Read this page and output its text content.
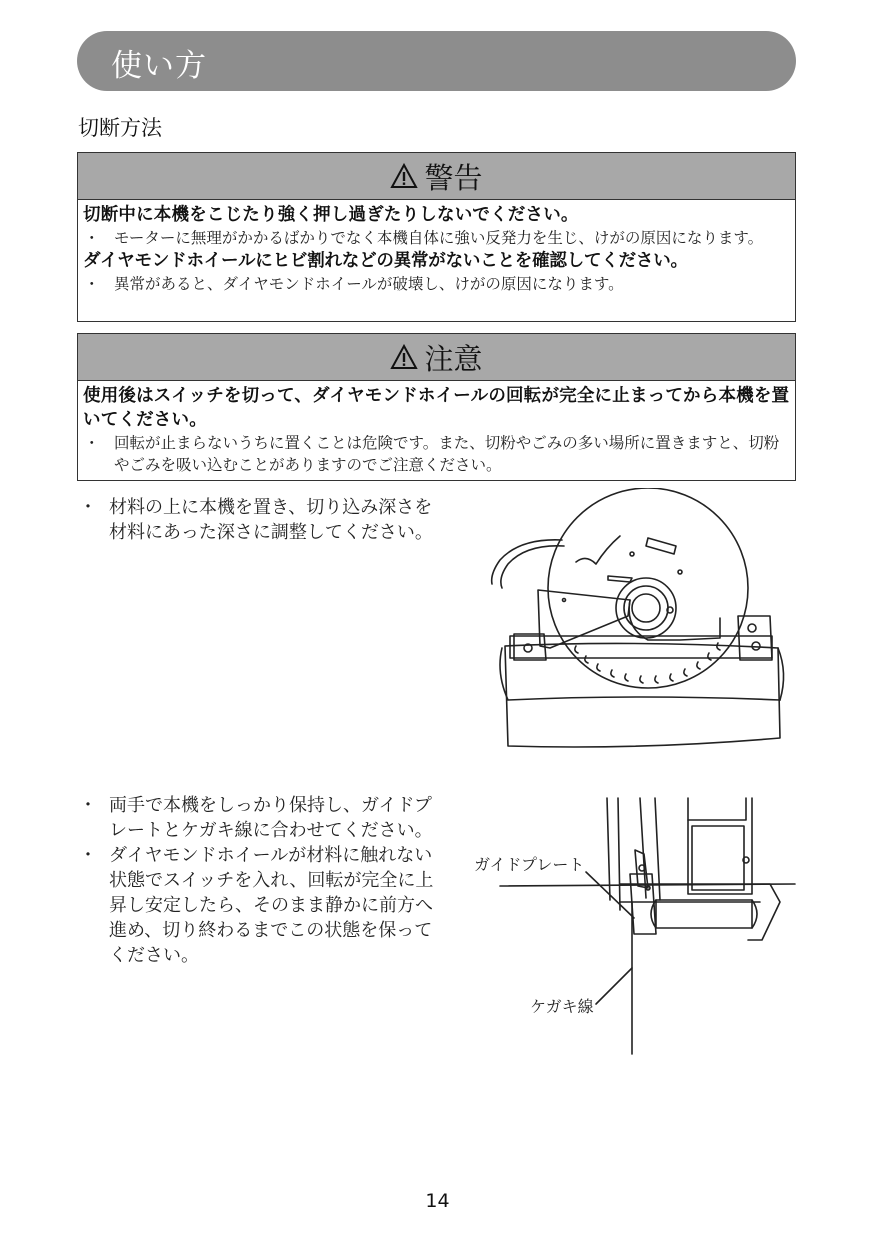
使い方
切断方法
警告
切断中に本機をこじたり強く押し過ぎたりしないでください。
・ モーターに無理がかかるばかりでなく本機自体に強い反発力を生じ、けがの原因になります。
ダイヤモンドホイールにヒビ割れなどの異常がないことを確認してください。
・ 異常があると、ダイヤモンドホイールが破壊し、けがの原因になります。
注意
使用後はスイッチを切って、ダイヤモンドホイールの回転が完全に止まってから本機を置いてください。
・ 回転が止まらないうちに置くことは危険です。また、切粉やごみの多い場所に置きますと、切粉やごみを吸い込むことがありますのでご注意ください。
・ 材料の上に本機を置き、切り込み深さを材料にあった深さに調整してください。
・ 両手で本機をしっかり保持し、ガイドプレートとケガキ線に合わせてください。
・ ダイヤモンドホイールが材料に触れない状態でスイッチを入れ、回転が完全に上昇し安定したら、そのまま静かに前方へ進め、切り終わるまでこの状態を保ってください。
ガイドプレート
ケガキ線
14
